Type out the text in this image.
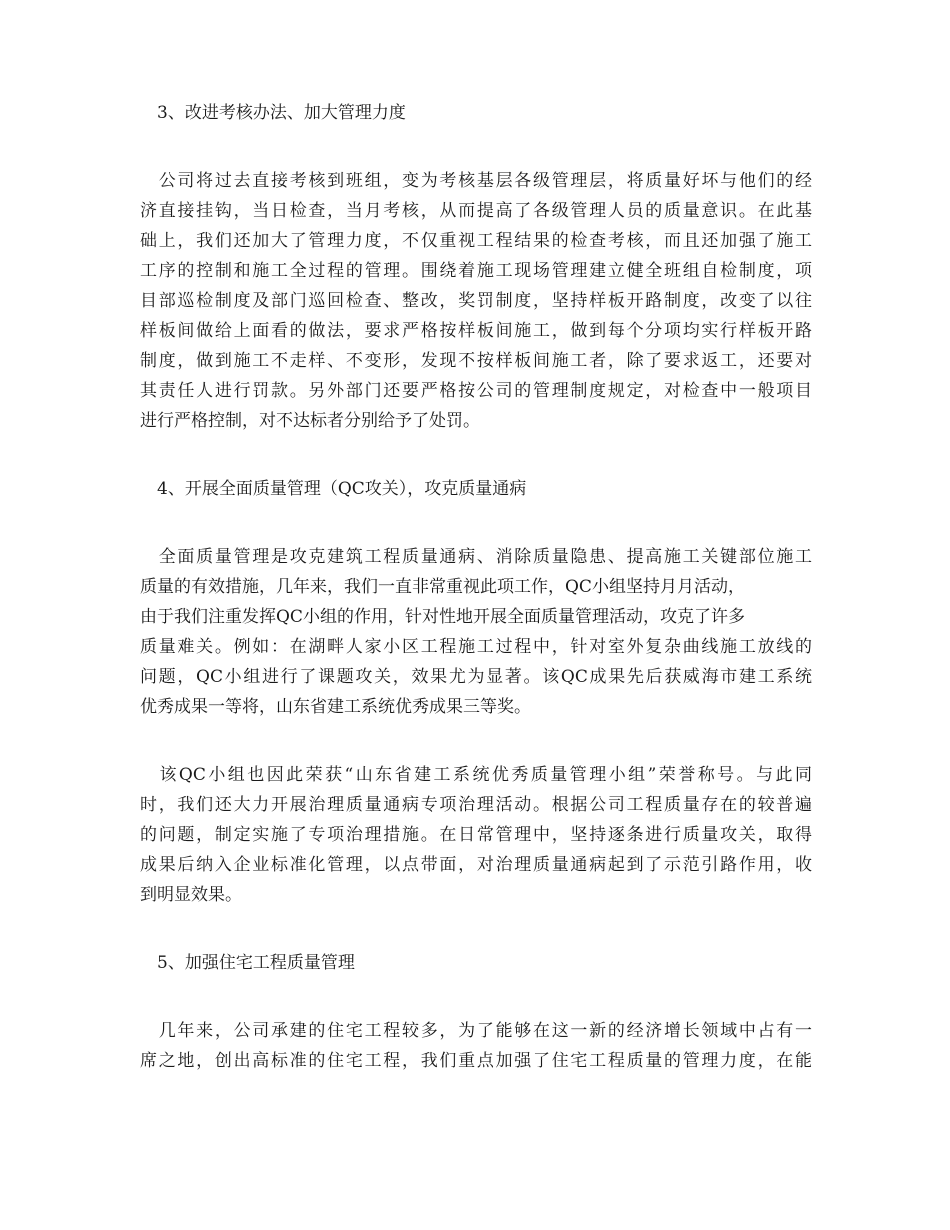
　3、改进考核办法、加大管理力度
　公司将过去直接考核到班组，变为考核基层各级管理层，将质量好坏与他们的经
济直接挂钩，当日检查，当月考核，从而提高了各级管理人员的质量意识。在此基
础上，我们还加大了管理力度，不仅重视工程结果的检查考核，而且还加强了施工
工序的控制和施工全过程的管理。围绕着施工现场管理建立健全班组自检制度，项
目部巡检制度及部门巡回检查、整改，奖罚制度，坚持样板开路制度，改变了以往
样板间做给上面看的做法，要求严格按样板间施工，做到每个分项均实行样板开路
制度，做到施工不走样、不变形，发现不按样板间施工者，除了要求返工，还要对
其责任人进行罚款。另外部门还要严格按公司的管理制度规定，对检查中一般项目
进行严格控制，对不达标者分别给予了处罚。
　4、开展全面质量管理（QC攻关），攻克质量通病
　全面质量管理是攻克建筑工程质量通病、消除质量隐患、提高施工关键部位施工
质量的有效措施，几年来，我们一直非常重视此项工作，QC小组坚持月月活动，
由于我们注重发挥QC小组的作用，针对性地开展全面质量管理活动，攻克了许多
质量难关。例如：在湖畔人家小区工程施工过程中，针对室外复杂曲线施工放线的
问题，QC小组进行了课题攻关，效果尤为显著。该QC成果先后获威海市建工系统
优秀成果一等将，山东省建工系统优秀成果三等奖。
　该QC小组也因此荣获“山东省建工系统优秀质量管理小组”荣誉称号。与此同
时，我们还大力开展治理质量通病专项治理活动。根据公司工程质量存在的较普遍
的问题，制定实施了专项治理措施。在日常管理中，坚持逐条进行质量攻关，取得
成果后纳入企业标准化管理，以点带面，对治理质量通病起到了示范引路作用，收
到明显效果。
　5、加强住宅工程质量管理
　几年来，公司承建的住宅工程较多，为了能够在这一新的经济增长领域中占有一
席之地，创出高标准的住宅工程，我们重点加强了住宅工程质量的管理力度，在能
